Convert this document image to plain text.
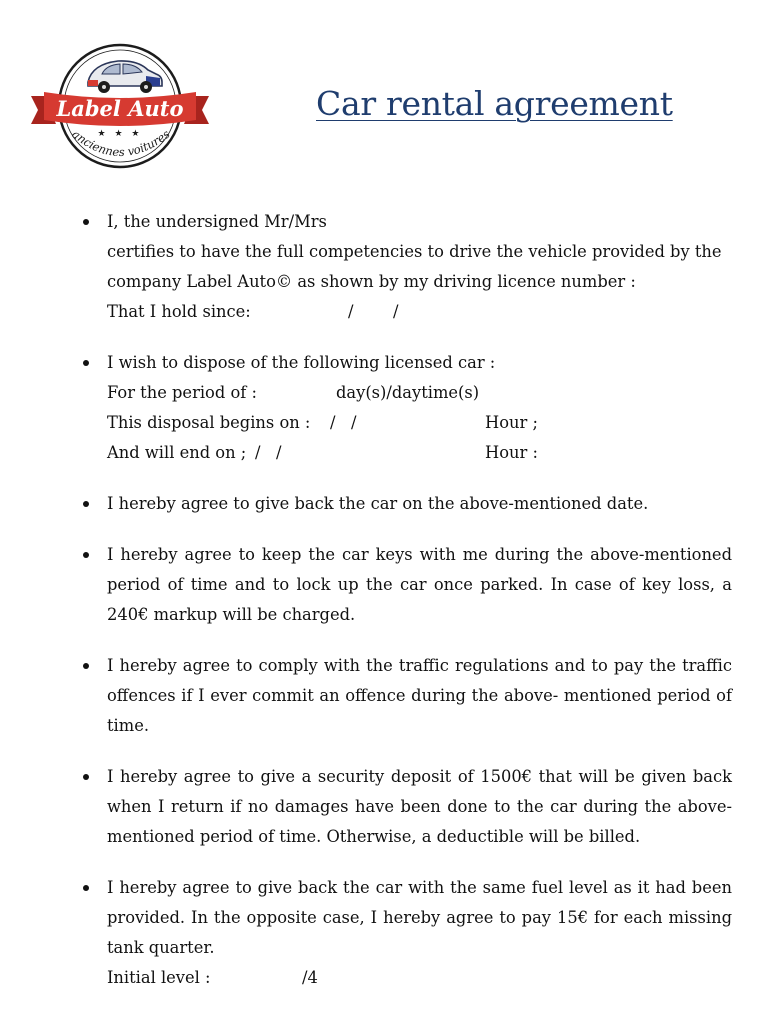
Label Auto
★ ★ ★
anciennes voitures
Car rental agreement
I, the undersigned Mr/Mrs
certifies to have the full competencies to drive the vehicle provided by the
company Label Auto© as shown by my driving licence number :
That I hold since:	/ /
I wish to dispose of the following licensed car :
For the period of :	day(s)/daytime(s)
This disposal begins on : /   /	Hour ;
And will end on ; /   /	Hour :
I hereby agree to give back the car on the above-mentioned date.
I hereby agree to keep the car keys with me during the above-mentioned period of time and to lock up the car once parked. In case of key loss, a 240€ markup will be charged.
I hereby agree to comply with the traffic regulations and to pay the traffic offences if I ever commit an offence during the above- mentioned period of time.
I hereby agree to give a security deposit of 1500€ that will be given back when I return if no damages have been done to the car during the above-mentioned period of time. Otherwise, a deductible will be billed.
I hereby agree to give back the car with the same fuel level as it had been provided. In the opposite case, I hereby agree to pay 15€ for each missing tank quarter.
Initial level :	/4
